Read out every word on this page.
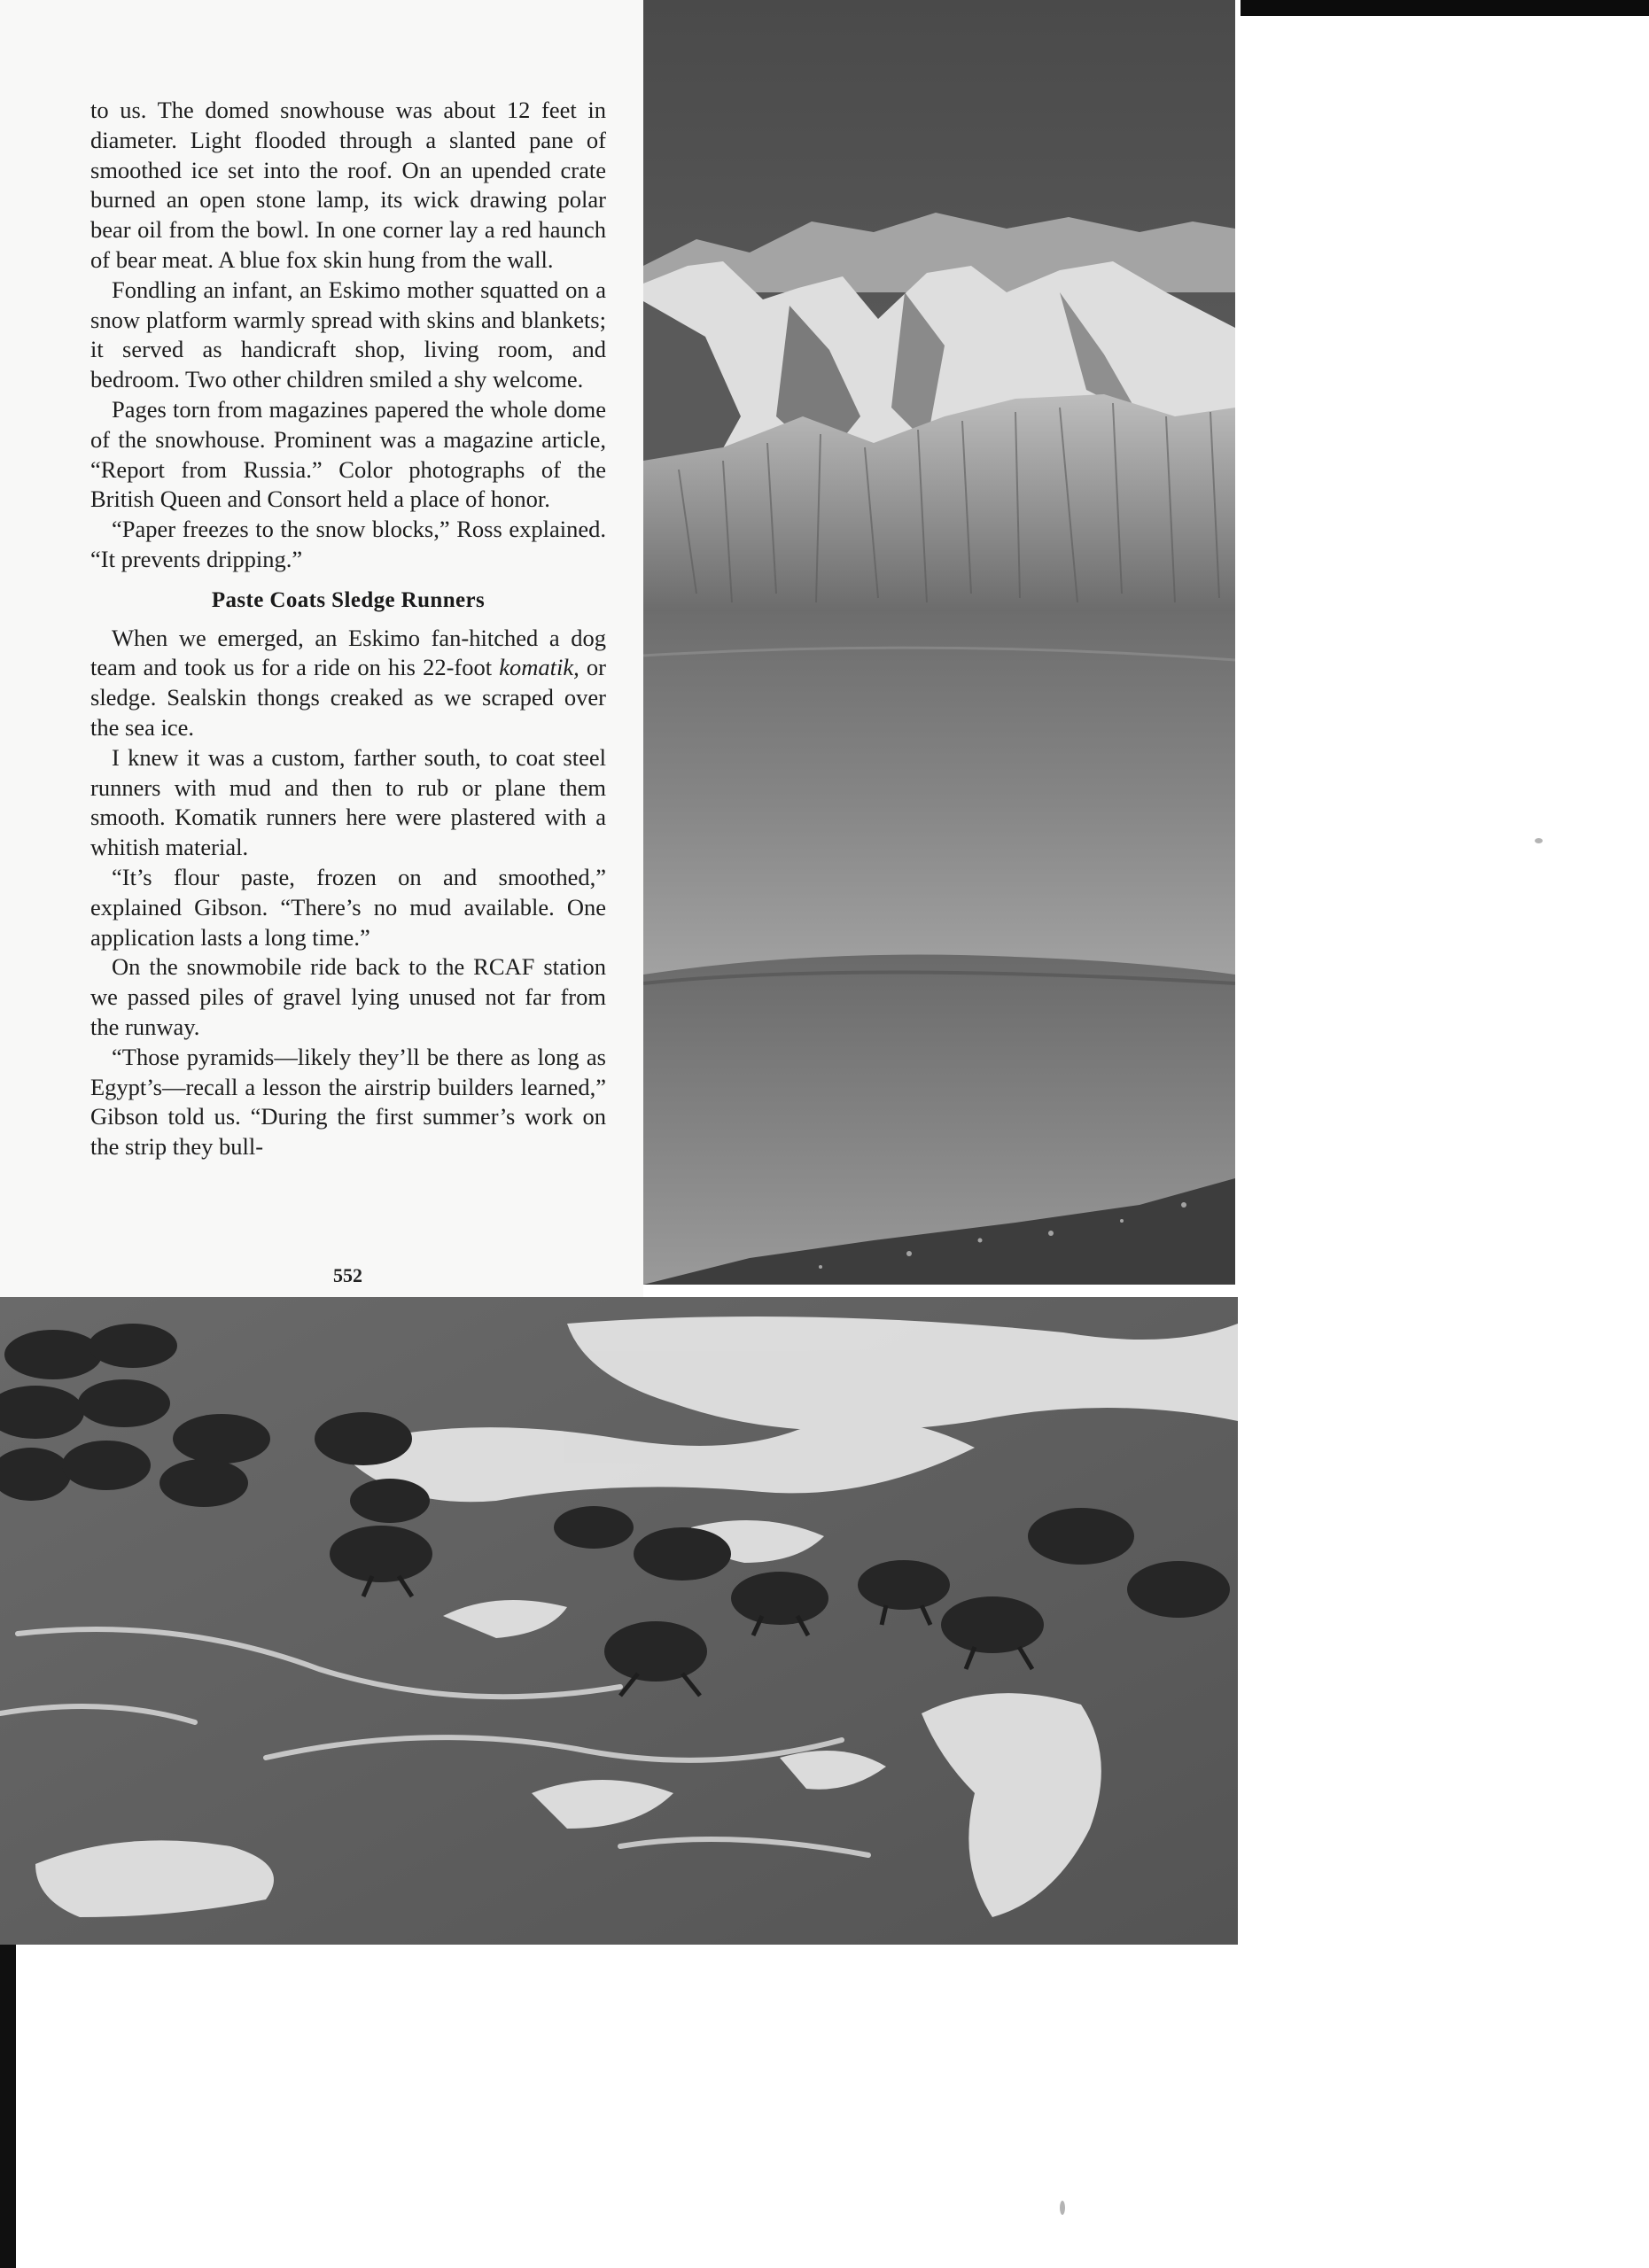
to us. The domed snowhouse was about 12 feet in diameter. Light flooded through a slanted pane of smoothed ice set into the roof. On an upended crate burned an open stone lamp, its wick drawing polar bear oil from the bowl. In one corner lay a red haunch of bear meat. A blue fox skin hung from the wall.

Fondling an infant, an Eskimo mother squatted on a snow platform warmly spread with skins and blankets; it served as handicraft shop, living room, and bedroom. Two other children smiled a shy welcome.

Pages torn from magazines papered the whole dome of the snowhouse. Prominent was a magazine article, “Report from Russia.” Color photographs of the British Queen and Consort held a place of honor.

“Paper freezes to the snow blocks,” Ross explained. “It prevents dripping.”

Paste Coats Sledge Runners

When we emerged, an Eskimo fan-hitched a dog team and took us for a ride on his 22-foot komatik, or sledge. Sealskin thongs creaked as we scraped over the sea ice.

I knew it was a custom, farther south, to coat steel runners with mud and then to rub or plane them smooth. Komatik runners here were plastered with a whitish material.

“It’s flour paste, frozen on and smoothed,” explained Gibson. “There’s no mud available. One application lasts a long time.”

On the snowmobile ride back to the RCAF station we passed piles of gravel lying unused not far from the runway.

“Those pyramids—likely they’ll be there as long as Egypt’s—recall a lesson the airstrip builders learned,” Gibson told us. “During the first summer’s work on the strip they bull-

552
